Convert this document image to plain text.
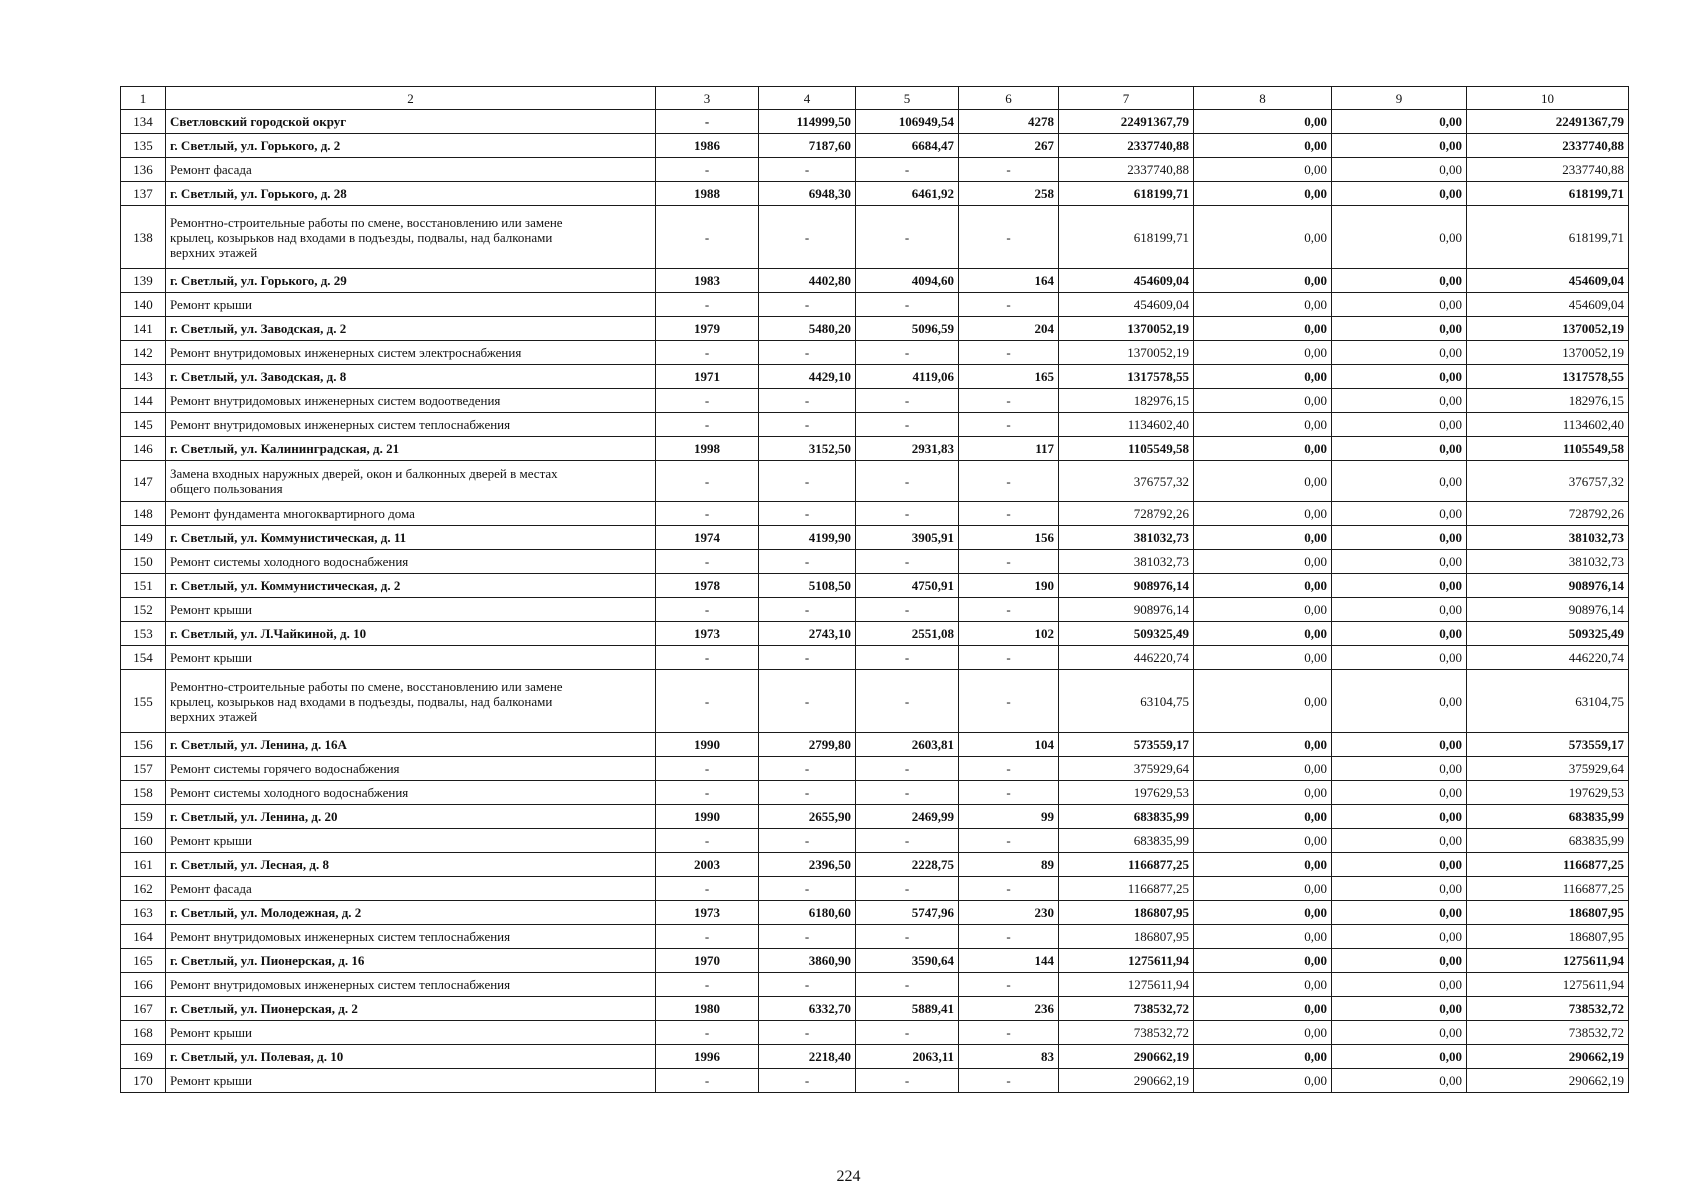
1	2	3	4	5	6	7	8	9	10
134	Светловский городской округ	-	114999,50	106949,54	4278	22491367,79	0,00	0,00	22491367,79
135	г. Светлый, ул. Горького, д. 2	1986	7187,60	6684,47	267	2337740,88	0,00	0,00	2337740,88
136	Ремонт фасада	-	-	-	-	2337740,88	0,00	0,00	2337740,88
137	г. Светлый, ул. Горького, д. 28	1988	6948,30	6461,92	258	618199,71	0,00	0,00	618199,71
138	Ремонтно-строительные работы по смене, восстановлению или замене
крылец, козырьков над входами в подъезды, подвалы, над балконами
верхних этажей	-	-	-	-	618199,71	0,00	0,00	618199,71
139	г. Светлый, ул. Горького, д. 29	1983	4402,80	4094,60	164	454609,04	0,00	0,00	454609,04
140	Ремонт крыши	-	-	-	-	454609,04	0,00	0,00	454609,04
141	г. Светлый, ул. Заводская, д. 2	1979	5480,20	5096,59	204	1370052,19	0,00	0,00	1370052,19
142	Ремонт внутридомовых инженерных систем электроснабжения	-	-	-	-	1370052,19	0,00	0,00	1370052,19
143	г. Светлый, ул. Заводская, д. 8	1971	4429,10	4119,06	165	1317578,55	0,00	0,00	1317578,55
144	Ремонт внутридомовых инженерных систем водоотведения	-	-	-	-	182976,15	0,00	0,00	182976,15
145	Ремонт внутридомовых инженерных систем теплоснабжения	-	-	-	-	1134602,40	0,00	0,00	1134602,40
146	г. Светлый, ул. Калининградская, д. 21	1998	3152,50	2931,83	117	1105549,58	0,00	0,00	1105549,58
147	Замена входных наружных дверей, окон и балконных дверей в местах
общего пользования	-	-	-	-	376757,32	0,00	0,00	376757,32
148	Ремонт фундамента многоквартирного дома	-	-	-	-	728792,26	0,00	0,00	728792,26
149	г. Светлый, ул. Коммунистическая, д. 11	1974	4199,90	3905,91	156	381032,73	0,00	0,00	381032,73
150	Ремонт системы холодного водоснабжения	-	-	-	-	381032,73	0,00	0,00	381032,73
151	г. Светлый, ул. Коммунистическая, д. 2	1978	5108,50	4750,91	190	908976,14	0,00	0,00	908976,14
152	Ремонт крыши	-	-	-	-	908976,14	0,00	0,00	908976,14
153	г. Светлый, ул. Л.Чайкиной, д. 10	1973	2743,10	2551,08	102	509325,49	0,00	0,00	509325,49
154	Ремонт крыши	-	-	-	-	446220,74	0,00	0,00	446220,74
155	Ремонтно-строительные работы по смене, восстановлению или замене
крылец, козырьков над входами в подъезды, подвалы, над балконами
верхних этажей	-	-	-	-	63104,75	0,00	0,00	63104,75
156	г. Светлый, ул. Ленина, д. 16А	1990	2799,80	2603,81	104	573559,17	0,00	0,00	573559,17
157	Ремонт системы горячего водоснабжения	-	-	-	-	375929,64	0,00	0,00	375929,64
158	Ремонт системы холодного водоснабжения	-	-	-	-	197629,53	0,00	0,00	197629,53
159	г. Светлый, ул. Ленина, д. 20	1990	2655,90	2469,99	99	683835,99	0,00	0,00	683835,99
160	Ремонт крыши	-	-	-	-	683835,99	0,00	0,00	683835,99
161	г. Светлый, ул. Лесная, д. 8	2003	2396,50	2228,75	89	1166877,25	0,00	0,00	1166877,25
162	Ремонт фасада	-	-	-	-	1166877,25	0,00	0,00	1166877,25
163	г. Светлый, ул. Молодежная, д. 2	1973	6180,60	5747,96	230	186807,95	0,00	0,00	186807,95
164	Ремонт внутридомовых инженерных систем теплоснабжения	-	-	-	-	186807,95	0,00	0,00	186807,95
165	г. Светлый, ул. Пионерская, д. 16	1970	3860,90	3590,64	144	1275611,94	0,00	0,00	1275611,94
166	Ремонт внутридомовых инженерных систем теплоснабжения	-	-	-	-	1275611,94	0,00	0,00	1275611,94
167	г. Светлый, ул. Пионерская, д. 2	1980	6332,70	5889,41	236	738532,72	0,00	0,00	738532,72
168	Ремонт крыши	-	-	-	-	738532,72	0,00	0,00	738532,72
169	г. Светлый, ул. Полевая, д. 10	1996	2218,40	2063,11	83	290662,19	0,00	0,00	290662,19
170	Ремонт крыши	-	-	-	-	290662,19	0,00	0,00	290662,19
224
